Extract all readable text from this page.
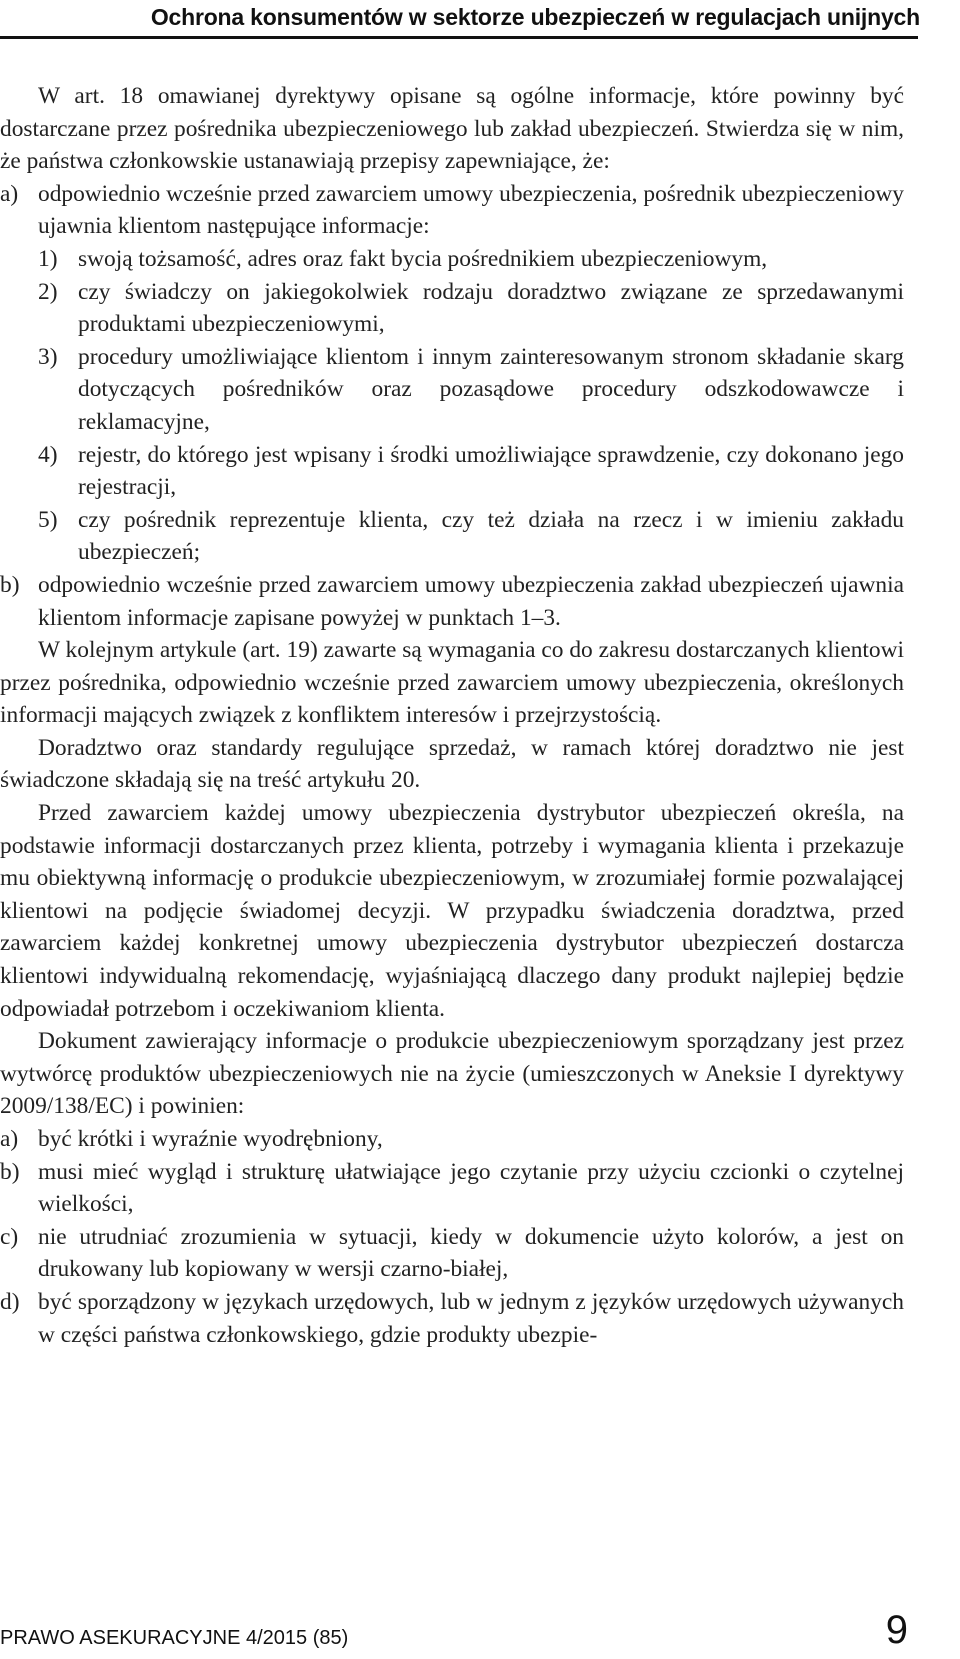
Ochrona konsumentów w sektorze ubezpieczeń w regulacjach unijnych

W art. 18 omawianej dyrektywy opisane są ogólne informacje, które powinny być dostarczane przez pośrednika ubezpieczeniowego lub zakład ubezpieczeń. Stwierdza się w nim, że państwa członkowskie ustanawiają przepisy zapewniające, że:

a) odpowiednio wcześnie przed zawarciem umowy ubezpieczenia, pośrednik ubezpieczeniowy ujawnia klientom następujące informacje:
1) swoją tożsamość, adres oraz fakt bycia pośrednikiem ubezpieczeniowym,
2) czy świadczy on jakiegokolwiek rodzaju doradztwo związane ze sprzedawanymi produktami ubezpieczeniowymi,
3) procedury umożliwiające klientom i innym zainteresowanym stronom składanie skarg dotyczących pośredników oraz pozasądowe procedury odszkodowawcze i reklamacyjne,
4) rejestr, do którego jest wpisany i środki umożliwiające sprawdzenie, czy dokonano jego rejestracji,
5) czy pośrednik reprezentuje klienta, czy też działa na rzecz i w imieniu zakładu ubezpieczeń;
b) odpowiednio wcześnie przed zawarciem umowy ubezpieczenia zakład ubezpieczeń ujawnia klientom informacje zapisane powyżej w punktach 1–3.

W kolejnym artykule (art. 19) zawarte są wymagania co do zakresu dostarczanych klientowi przez pośrednika, odpowiednio wcześnie przed zawarciem umowy ubezpieczenia, określonych informacji mających związek z konfliktem interesów i przejrzystością.

Doradztwo oraz standardy regulujące sprzedaż, w ramach której doradztwo nie jest świadczone składają się na treść artykułu 20.

Przed zawarciem każdej umowy ubezpieczenia dystrybutor ubezpieczeń określa, na podstawie informacji dostarczanych przez klienta, potrzeby i wymagania klienta i przekazuje mu obiektywną informację o produkcie ubezpieczeniowym, w zrozumiałej formie pozwalającej klientowi na podjęcie świadomej decyzji. W przypadku świadczenia doradztwa, przed zawarciem każdej konkretnej umowy ubezpieczenia dystrybutor ubezpieczeń dostarcza klientowi indywidualną rekomendację, wyjaśniającą dlaczego dany produkt najlepiej będzie odpowiadał potrzebom i oczekiwaniom klienta.

Dokument zawierający informacje o produkcie ubezpieczeniowym sporządzany jest przez wytwórcę produktów ubezpieczeniowych nie na życie (umieszczonych w Aneksie I dyrektywy 2009/138/EC) i powinien:

a) być krótki i wyraźnie wyodrębniony,
b) musi mieć wygląd i strukturę ułatwiające jego czytanie przy użyciu czcionki o czytelnej wielkości,
c) nie utrudniać zrozumienia w sytuacji, kiedy w dokumencie użyto kolorów, a jest on drukowany lub kopiowany w wersji czarno-białej,
d) być sporządzony w językach urzędowych, lub w jednym z języków urzędowych używanych w części państwa członkowskiego, gdzie produkty ubezpie-
PRAWO ASEKURACYJNE 4/2015 (85)	9
